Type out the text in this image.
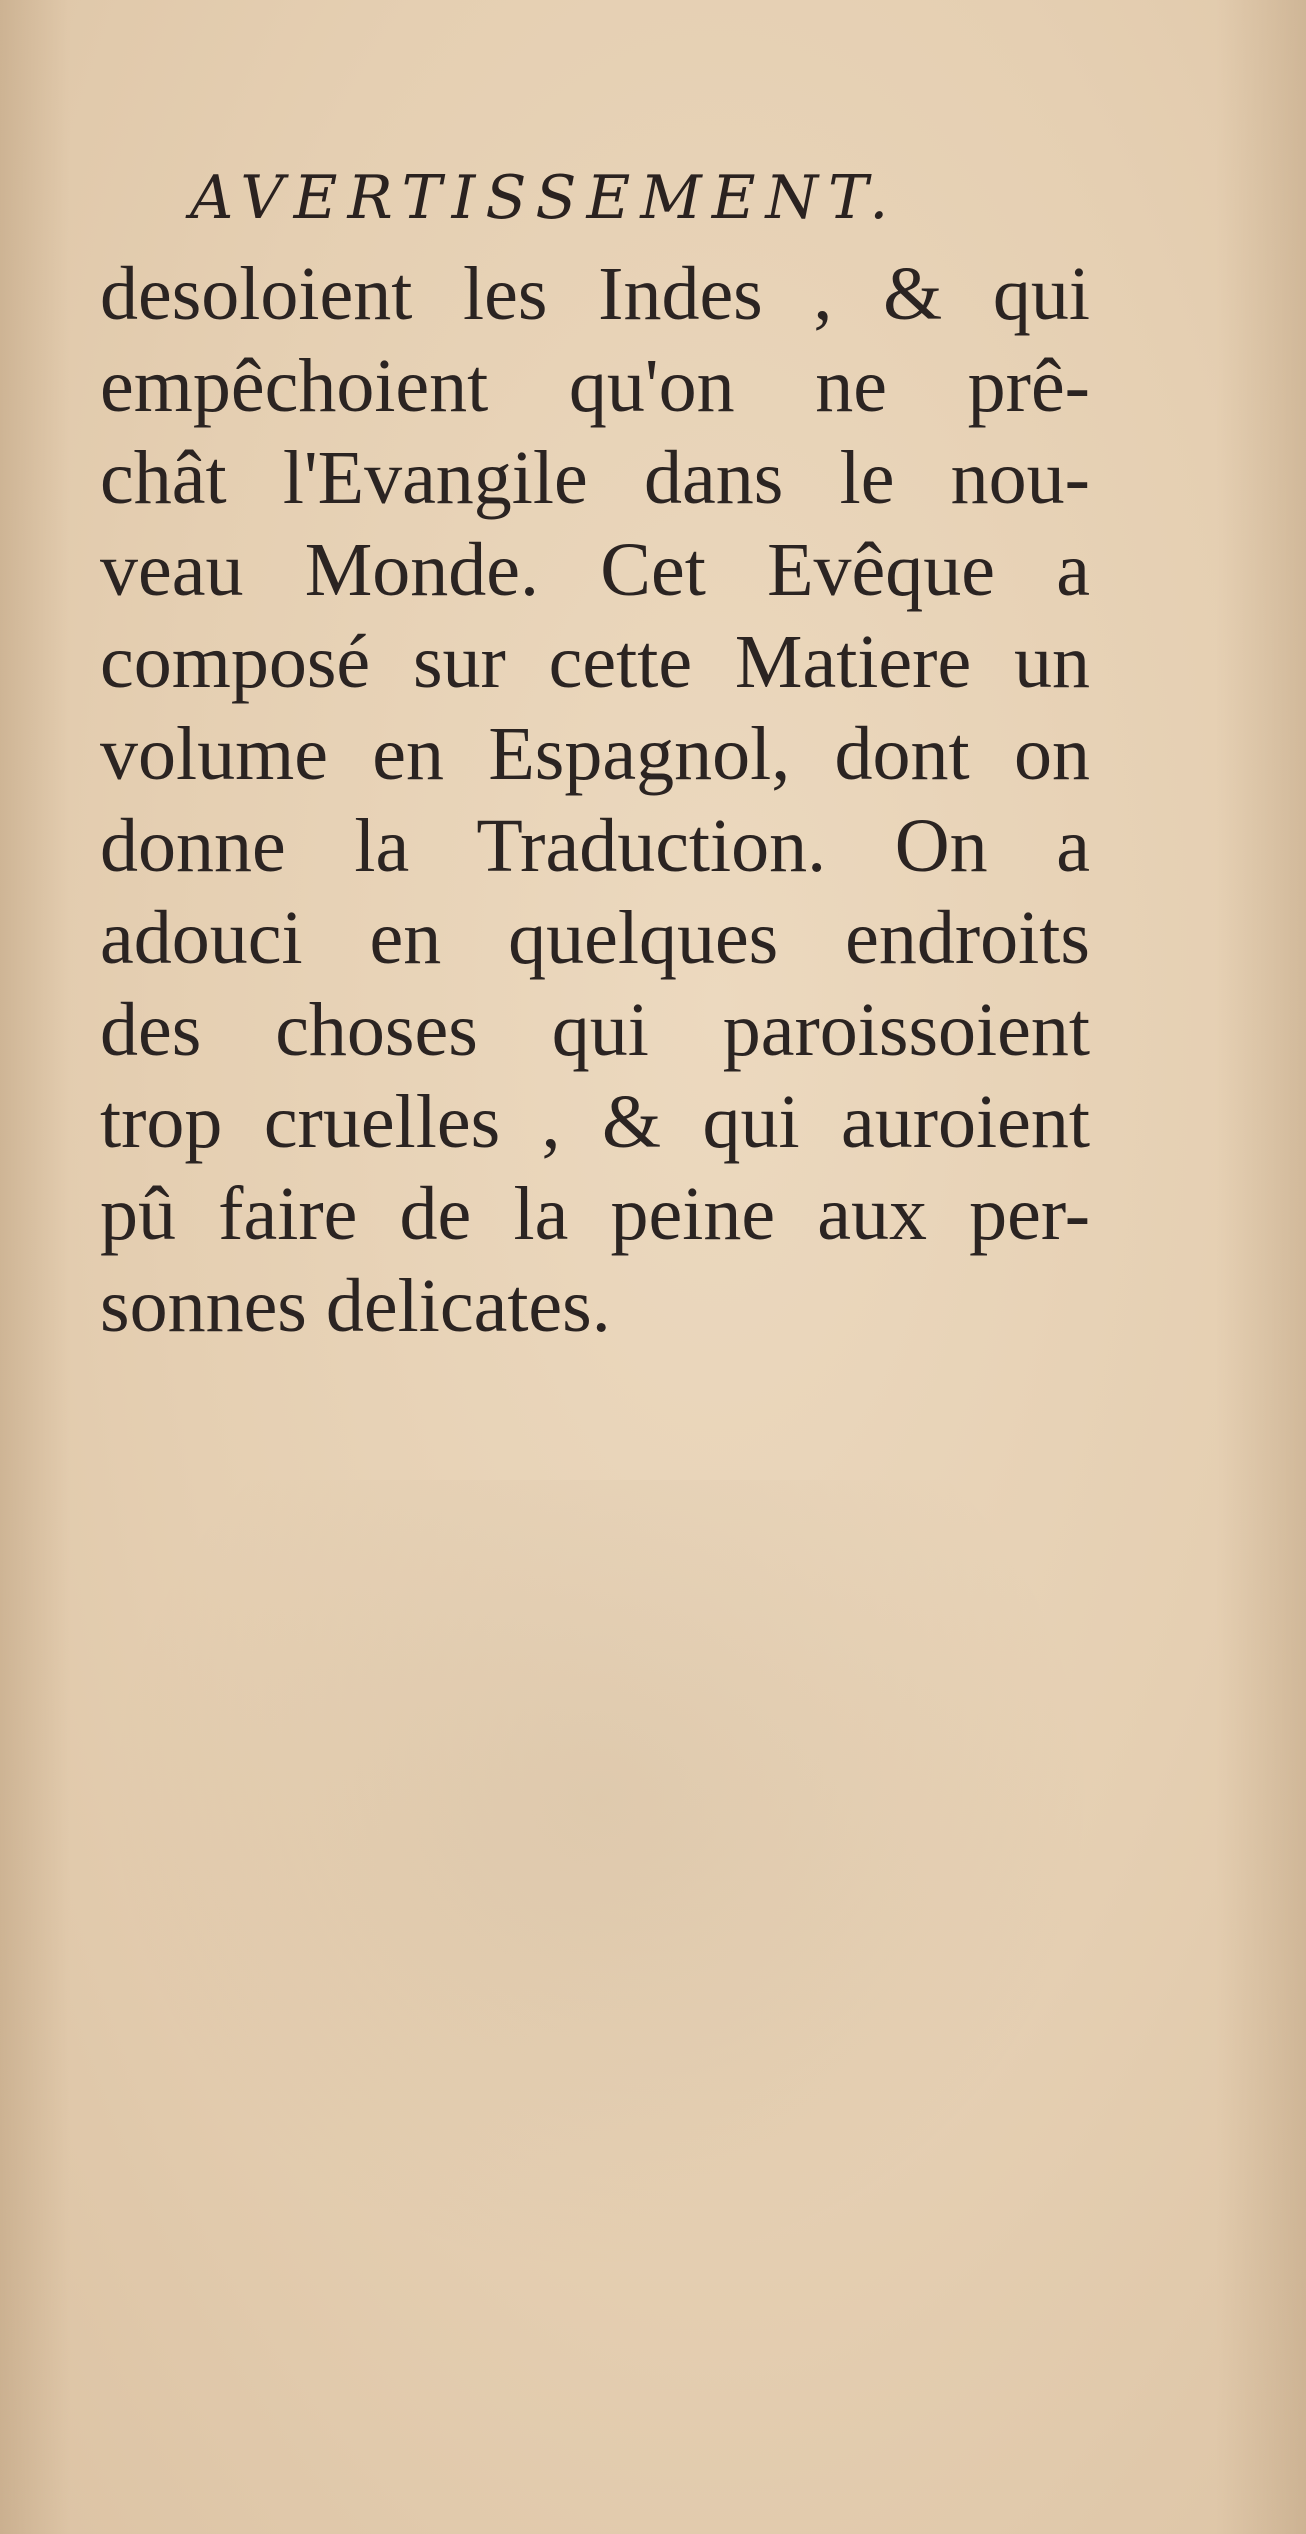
AVERTISSEMENT.
desoloient les Indes , & qui
empêchoient qu'on ne prê-
chât l'Evangile dans le nou-
veau Monde. Cet Evêque a
composé sur cette Matiere un
volume en Espagnol, dont on
donne la Traduction. On a
adouci en quelques endroits
des choses qui paroissoient
trop cruelles , & qui auroient
pû faire de la peine aux per-
sonnes delicates.
